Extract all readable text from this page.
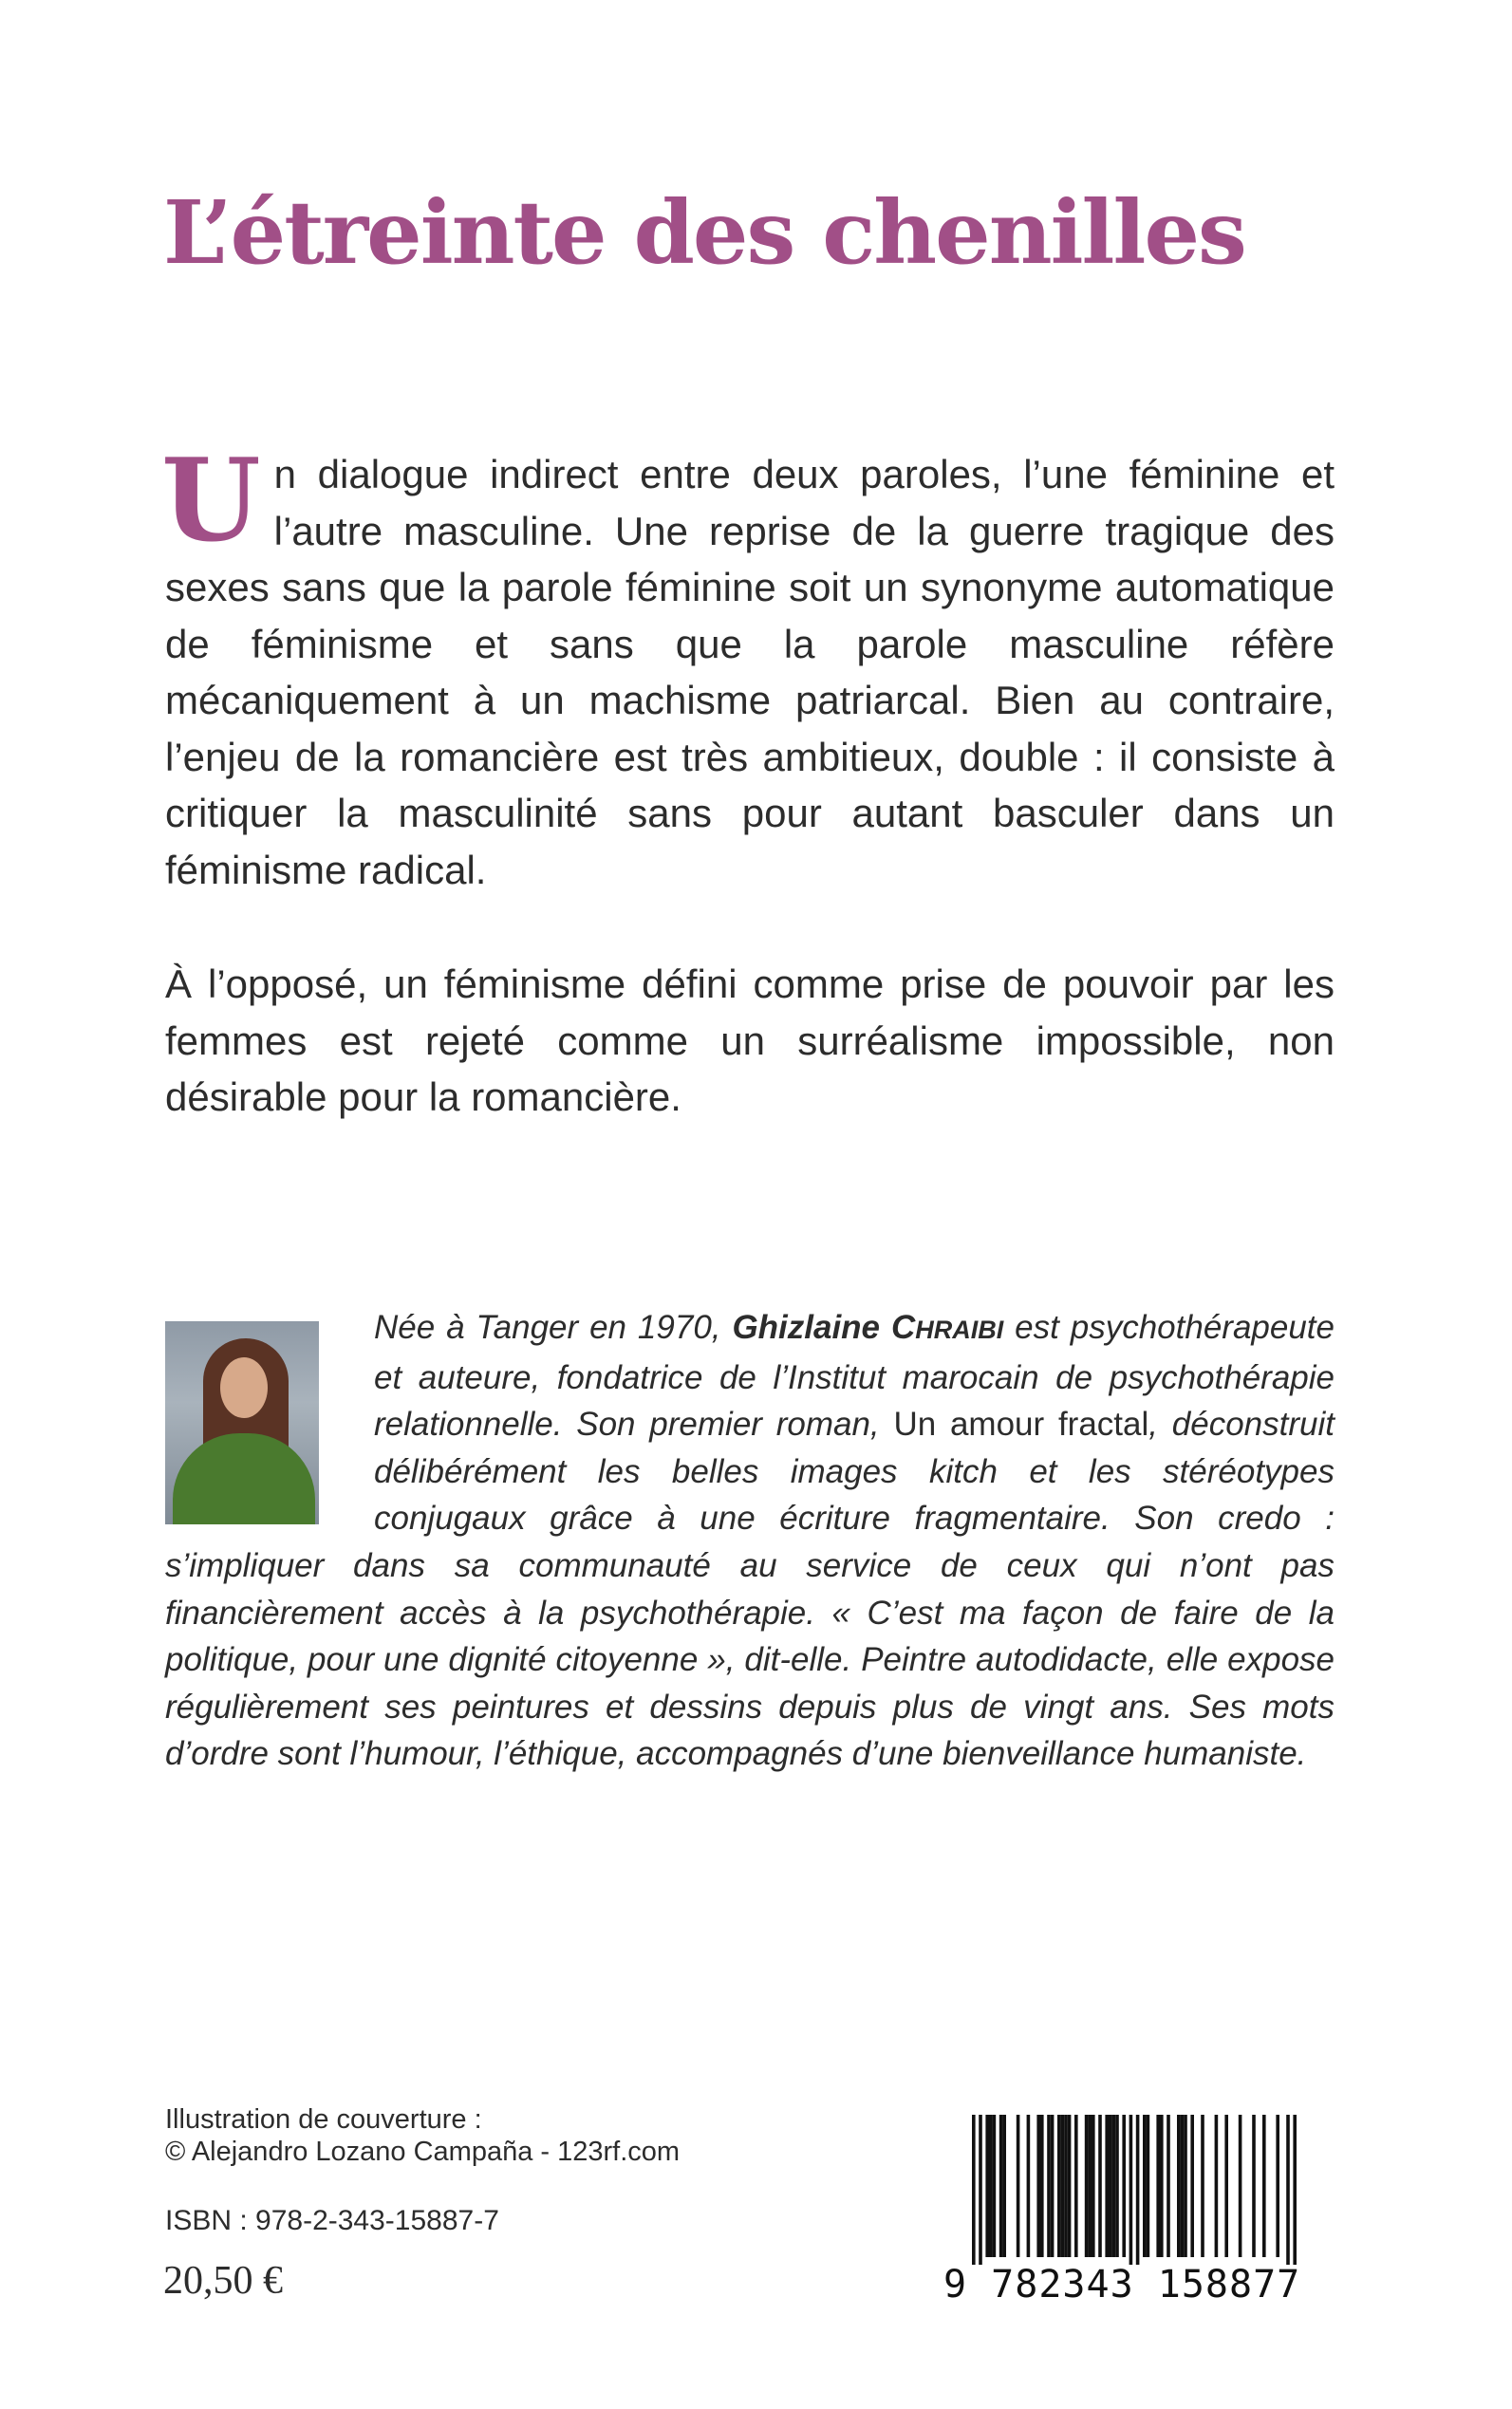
L’étreinte des chenilles

Un dialogue indirect entre deux paroles, l’une féminine et l’autre masculine. Une reprise de la guerre tragique des sexes sans que la parole féminine soit un synonyme automatique de féminisme et sans que la parole masculine réfère mécaniquement à un machisme patriarcal. Bien au contraire, l’enjeu de la romancière est très ambitieux, double : il consiste à critiquer la masculinité sans pour autant basculer dans un féminisme radical.

À l’opposé, un féminisme défini comme prise de pouvoir par les femmes est rejeté comme un surréalisme impossible, non désirable pour la romancière.

Née à Tanger en 1970, Ghizlaine CHRAIBI est psychothérapeute et auteure, fondatrice de l’Institut marocain de psychothérapie relationnelle. Son premier roman, Un amour fractal, déconstruit délibérément les belles images kitch et les stéréotypes conjugaux grâce à une écriture fragmentaire. Son credo : s’impliquer dans sa communauté au service de ceux qui n’ont pas financièrement accès à la psychothérapie. « C’est ma façon de faire de la politique, pour une dignité citoyenne », dit-elle. Peintre autodidacte, elle expose régulièrement ses peintures et dessins depuis plus de vingt ans. Ses mots d’ordre sont l’humour, l’éthique, accompagnés d’une bienveillance humaniste.

Illustration de couverture :
© Alejandro Lozano Campaña - 123rf.com
ISBN : 978-2-343-15887-7
20,50 €	9 782343 158877
